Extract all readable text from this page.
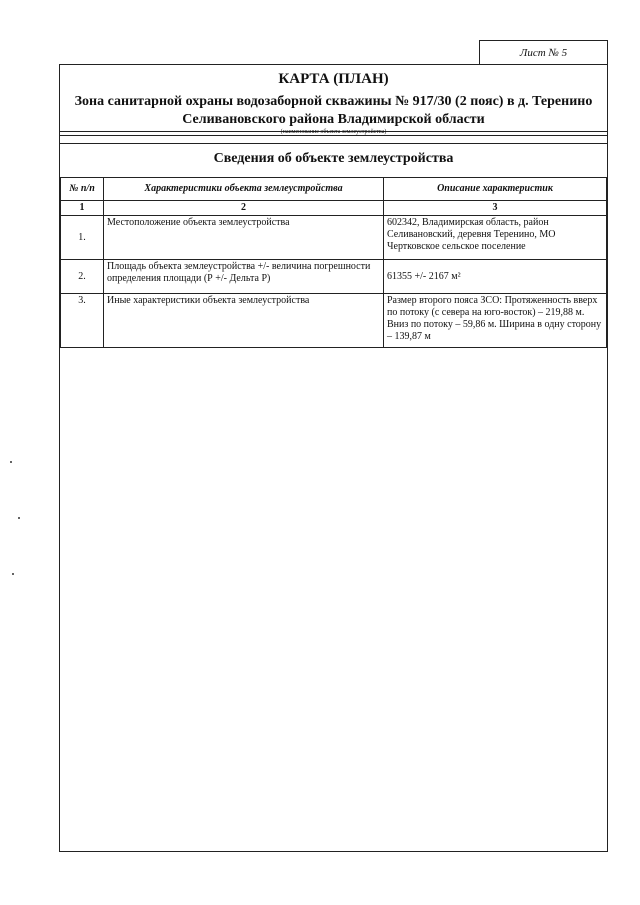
Лист № 5
КАРТА (ПЛАН)
Зона санитарной охраны водозаборной скважины № 917/30 (2 пояс) в д. Теренино Селивановского района Владимирской области
(наименование объекта землеустройства)
Сведения об объекте землеустройства
№ п/п	Характеристики объекта землеустройства	Описание характеристик
1	2	3
1.	Местоположение объекта землеустройства	602342, Владимирская область, район Селивановский, деревня Теренино, МО Чертковское сельское поселение
2.	Площадь объекта землеустройства +/- величина погрешности определения площади (Р +/- Дельта Р)	61355 +/- 2167 м²
3.	Иные характеристики объекта землеустройства	Размер второго пояса ЗСО: Протяженность вверх по потоку (с севера на юго-восток) – 219,88 м. Вниз по потоку – 59,86 м. Ширина в одну сторону – 139,87 м
